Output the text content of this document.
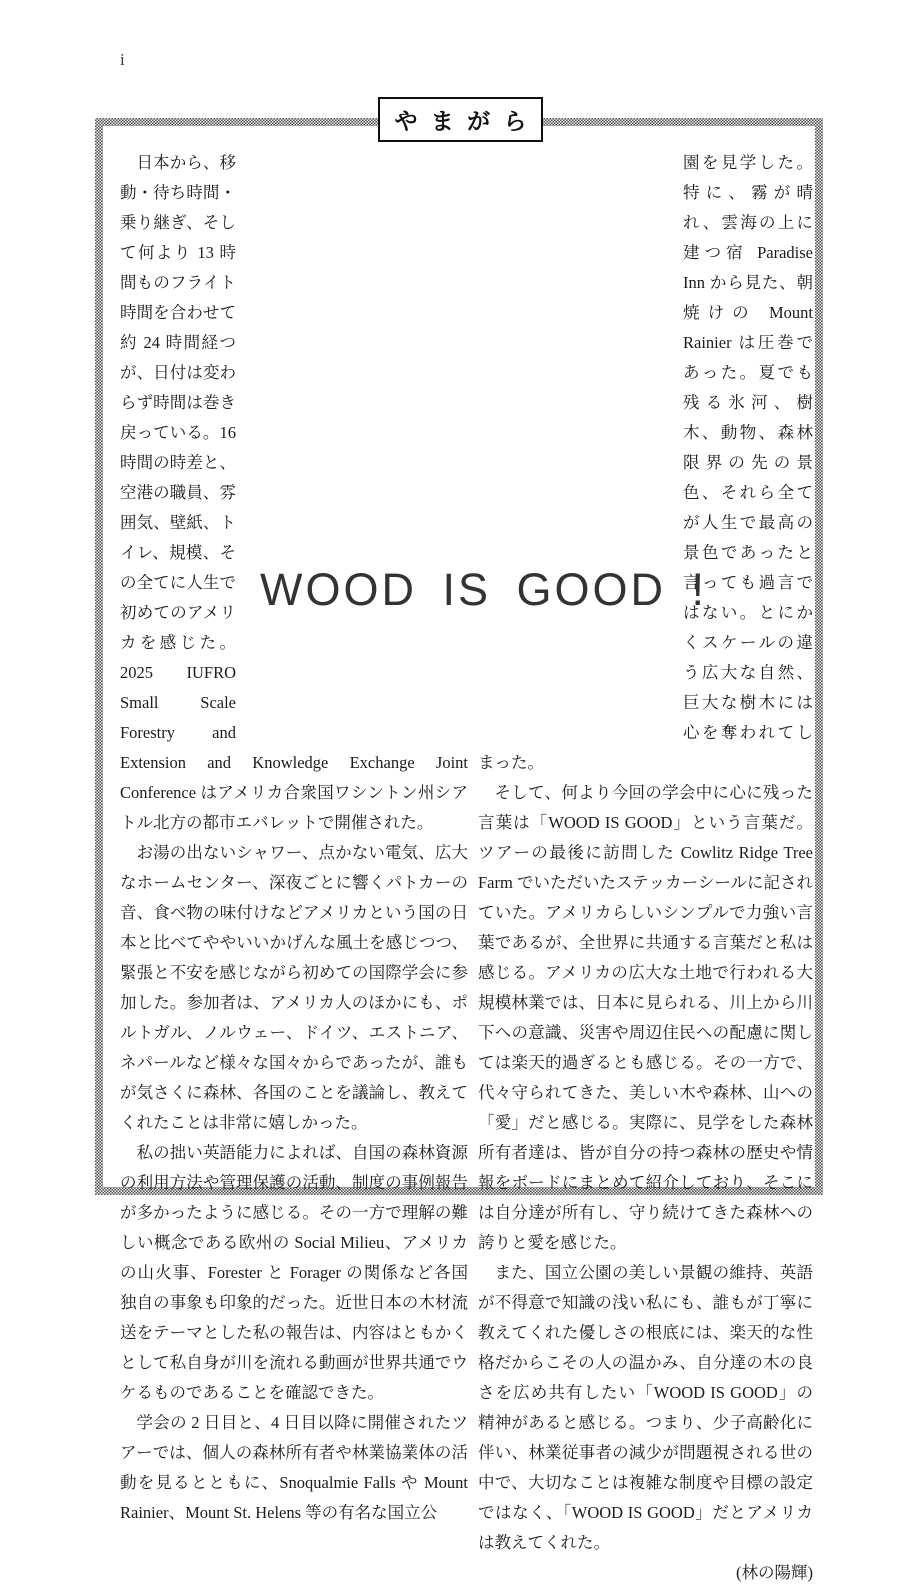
i
やまがら

日本から、移動・待ち時間・乗り継ぎ、そして何より 13 時間ものフライト時間を合わせて約 24 時間経つが、日付は変わらず時間は巻き戻っている。16 時間の時差と、空港の職員、雰囲気、壁紙、トイレ、規模、その全てに人生で初めてのアメリカを感じた。2025 IUFRO Small Scale Forestry and Extension and Knowledge Exchange Joint Conference はアメリカ合衆国ワシントン州シアトル北方の都市エバレットで開催された。

お湯の出ないシャワー、点かない電気、広大なホームセンター、深夜ごとに響くパトカーの音、食べ物の味付けなどアメリカという国の日本と比べてややいいかげんな風土を感じつつ、緊張と不安を感じながら初めての国際学会に参加した。参加者は、アメリカ人のほかにも、ポルトガル、ノルウェー、ドイツ、エストニア、ネパールなど様々な国々からであったが、誰もが気さくに森林、各国のことを議論し、教えてくれたことは非常に嬉しかった。

私の拙い英語能力によれば、自国の森林資源の利用方法や管理保護の活動、制度の事例報告が多かったように感じる。その一方で理解の難しい概念である欧州の Social Milieu、アメリカの山火事、Forester と Forager の関係など各国独自の事象も印象的だった。近世日本の木材流送をテーマとした私の報告は、内容はともかくとして私自身が川を流れる動画が世界共通でウケるものであることを確認できた。

学会の 2 日目と、4 日目以降に開催されたツアーでは、個人の森林所有者や林業協業体の活動を見るとともに、Snoqualmie Falls や Mount Rainier、Mount St. Helens 等の有名な国立公

園を見学した。特に、霧が晴れ、雲海の上に建つ宿 Paradise Inn から見た、朝焼けの Mount Rainier は圧巻であった。夏でも残る氷河、樹木、動物、森林限界の先の景色、それら全てが人生で最高の景色であったと言っても過言ではない。とにかくスケールの違う広大な自然、巨大な樹木には心を奪われてしまった。

そして、何より今回の学会中に心に残った言葉は「WOOD IS GOOD」という言葉だ。ツアーの最後に訪問した Cowlitz Ridge Tree Farm でいただいたステッカーシールに記されていた。アメリカらしいシンプルで力強い言葉であるが、全世界に共通する言葉だと私は感じる。アメリカの広大な土地で行われる大規模林業では、日本に見られる、川上から川下への意識、災害や周辺住民への配慮に関しては楽天的過ぎるとも感じる。その一方で、代々守られてきた、美しい木や森林、山への「愛」だと感じる。実際に、見学をした森林所有者達は、皆が自分の持つ森林の歴史や情報をボードにまとめて紹介しており、そこには自分達が所有し、守り続けてきた森林への誇りと愛を感じた。

また、国立公園の美しい景観の維持、英語が不得意で知識の浅い私にも、誰もが丁寧に教えてくれた優しさの根底には、楽天的な性格だからこその人の温かみ、自分達の木の良さを広め共有したい「WOOD IS GOOD」の精神があると感じる。つまり、少子高齢化に伴い、林業従事者の減少が問題視される世の中で、大切なことは複雑な制度や目標の設定ではなく、「WOOD IS GOOD」だとアメリカは教えてくれた。

(林の陽輝)

WOOD IS GOOD !
